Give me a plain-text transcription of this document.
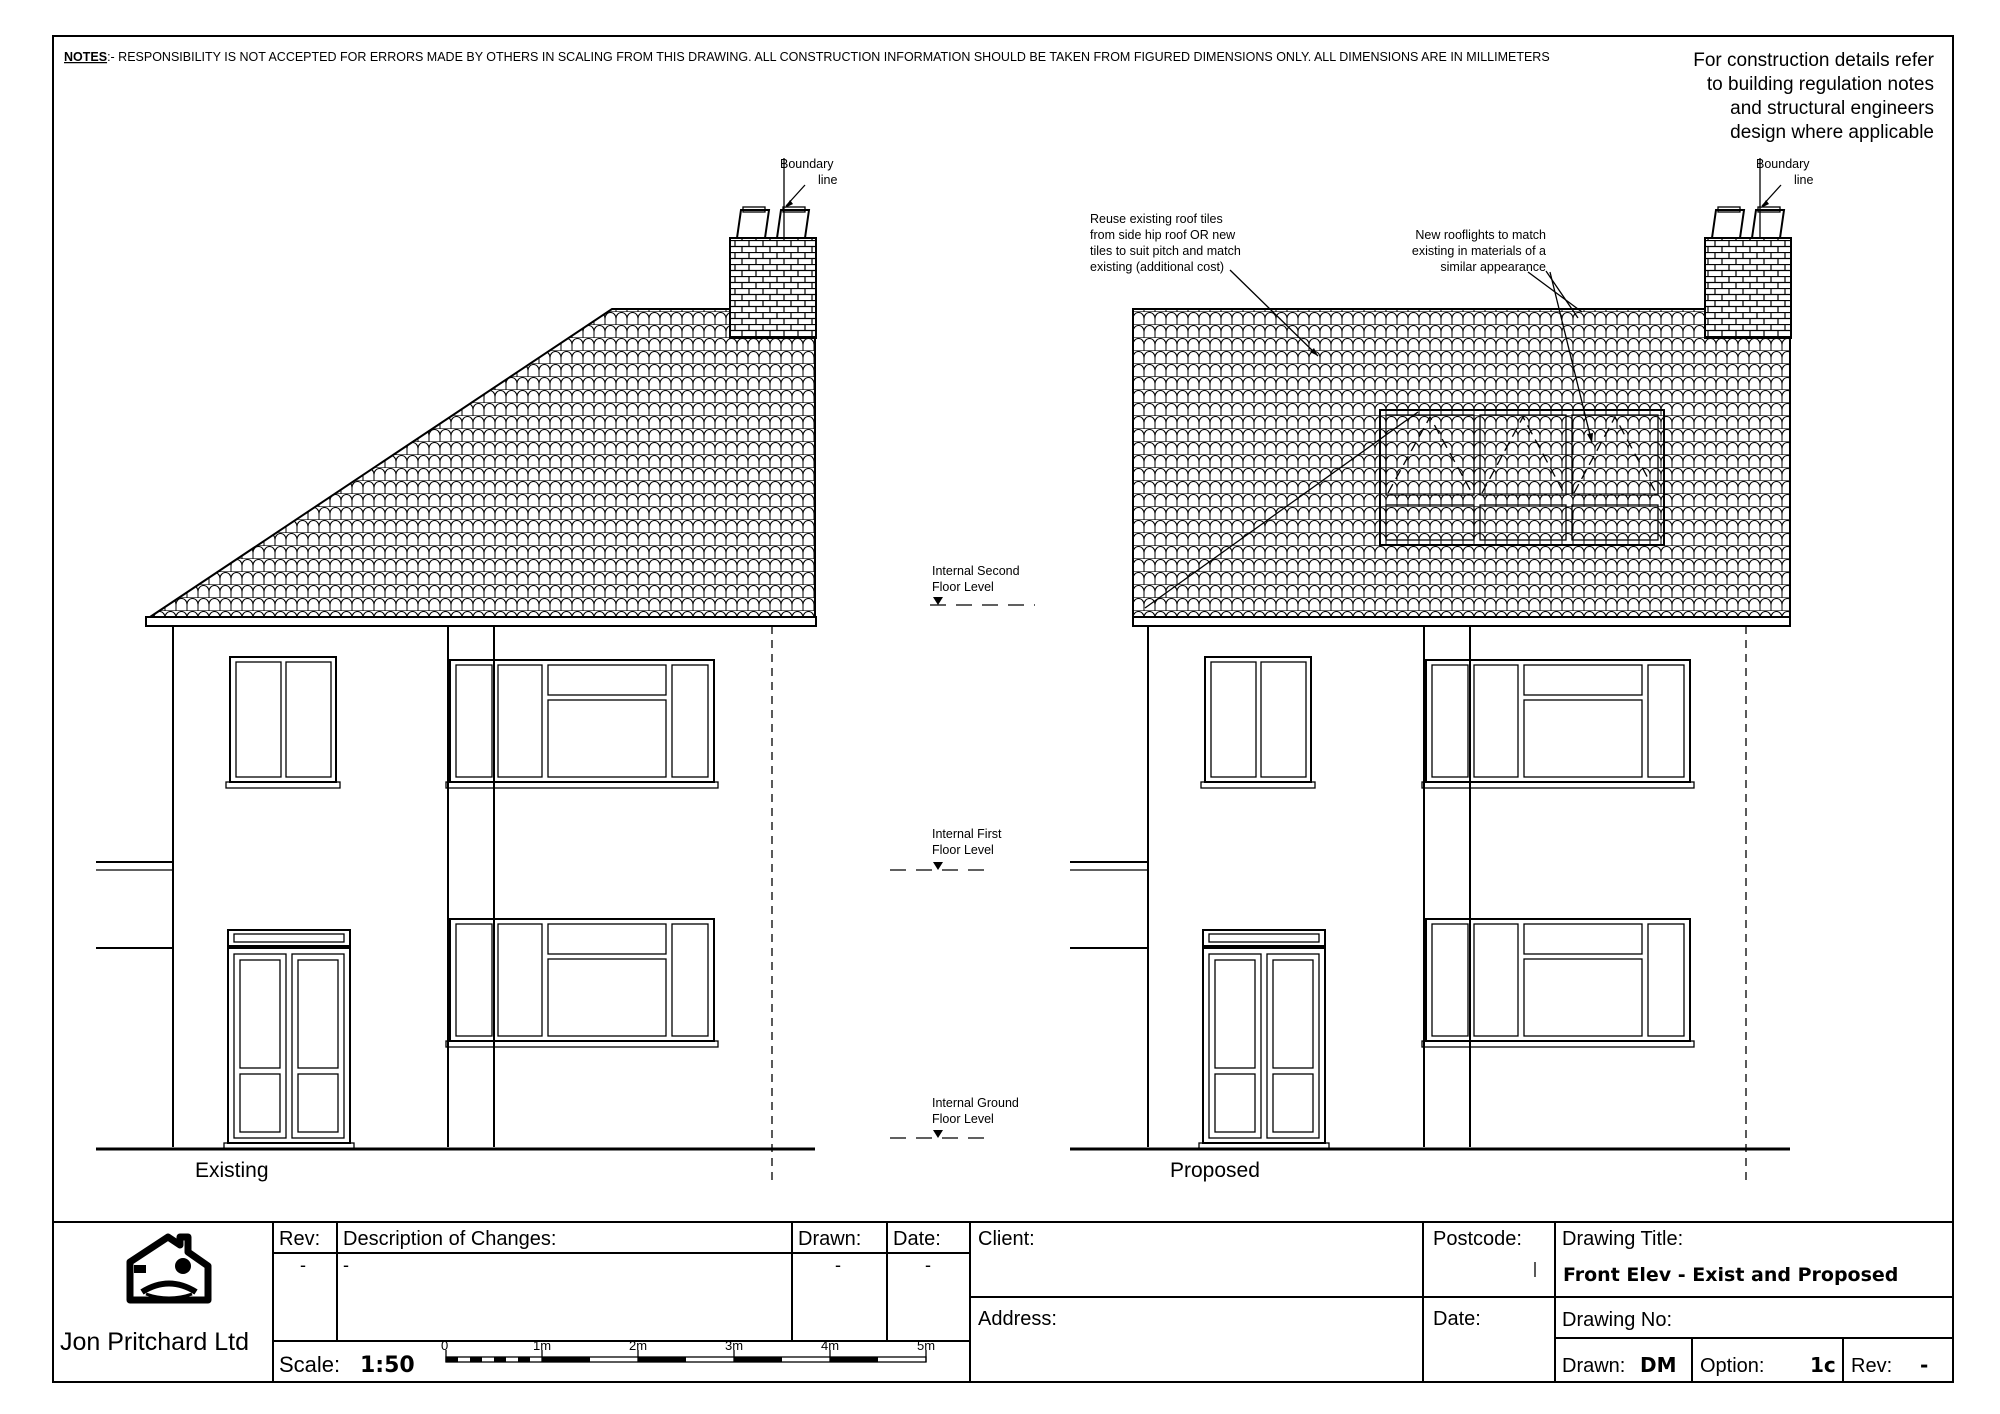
NOTES:- RESPONSIBILITY IS NOT ACCEPTED FOR ERRORS MADE BY OTHERS IN SCALING FROM THIS DRAWING. ALL CONSTRUCTION INFORMATION SHOULD BE TAKEN FROM FIGURED DIMENSIONS ONLY. ALL DIMENSIONS ARE IN MILLIMETERS	For construction details refer
to building regulation notes
and structural engineers
design where applicable
Existing
Boundary
line
Internal Second
Floor Level
Internal First
Floor Level
Internal Ground
Floor Level
Proposed
Boundary
line
Reuse existing roof tiles
from side hip roof OR new
tiles to suit pitch and match
existing (additional cost)
New rooflights to match
existing in materials of a
similar appearance
Jon Pritchard Ltd
Rev: Description of Changes:	Drawn: Date:
- -	-	-
Scale: 1:50
0	1m	2m	3m	4m	5m
Client:	Postcode:
Address:	Date:
Drawing Title:
Front Elev - Exist and Proposed
Drawing No:
Drawn: DM Option: 1c Rev: -
